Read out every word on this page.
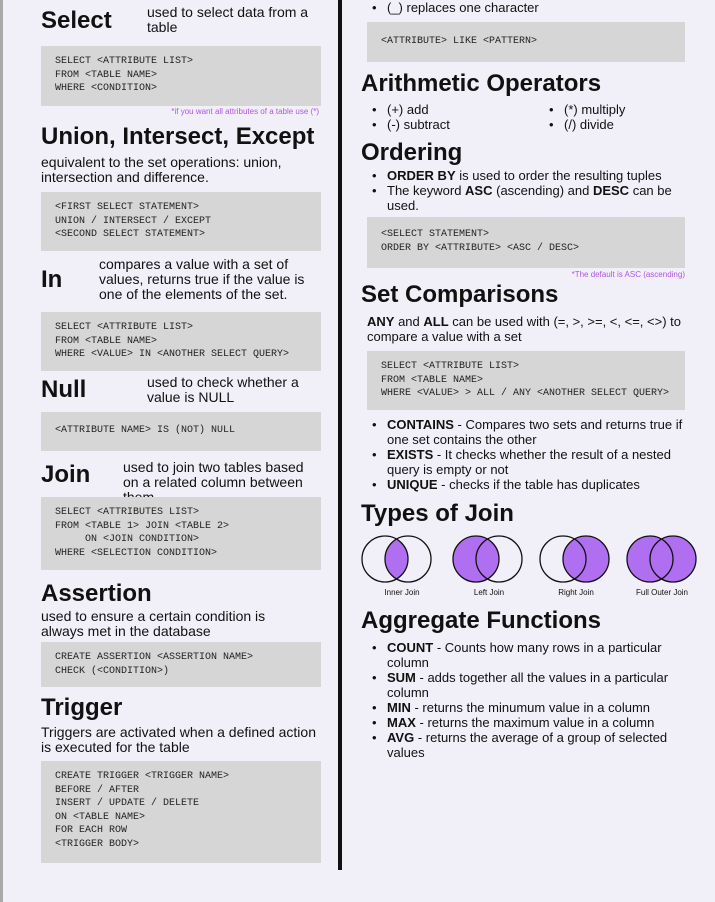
Select	used to select data from a table

SELECT <ATTRIBUTE LIST>
FROM <TABLE NAME>
WHERE <CONDITION>
*if you want all attributes of a table use (*)
Union, Intersect, Except

equivalent to the set operations: union, intersection and difference.

<FIRST SELECT STATEMENT>
UNION / INTERSECT / EXCEPT
<SECOND SELECT STATEMENT>
In

compares a value with a set of values, returns true if the value is one of the elements of the set.

SELECT <ATTRIBUTE LIST>
FROM <TABLE NAME>
WHERE <VALUE> IN <ANOTHER SELECT QUERY>
Null	used to check whether a value is NULL

<ATTRIBUTE NAME> IS (NOT) NULL
Join used to join two tables based on a related column between

SELECT <ATTRIBUTES LIST>
FROM <TABLE 1> JOIN <TABLE 2>
ON <JOIN CONDITION>
WHERE <SELECTION CONDITION>
Assertion

used to ensure a certain condition is always met in the database

CREATE ASSERTION <ASSERTION NAME>
CHECK (<CONDITION>)
Trigger

Triggers are activated when a defined action is executed for the table

CREATE TRIGGER <TRIGGER NAME>
BEFORE / AFTER
INSERT / UPDATE / DELETE
ON <TABLE NAME>
FOR EACH ROW
<TRIGGER BODY>
• (_) replaces one character
<ATTRIBUTE> LIKE <PATTERN>
Arithmetic Operators
• (+) add
• (-) subtract
• (*) multiply
• (/) divide
Ordering
• ORDER BY is used to order the resulting tuples
• The keyword ASC (ascending) and DESC can be used.
<SELECT STATEMENT>
ORDER BY <ATTRIBUTE> <ASC / DESC>
*The default is ASC (ascending)
Set Comparisons

ANY and ALL can be used with (=, >, >=, <, <=, <>) to compare a value with a set

SELECT <ATTRIBUTE LIST>
FROM <TABLE NAME>
WHERE <VALUE> > ALL / ANY <ANOTHER SELECT QUERY>
• CONTAINS - Compares two sets and returns true if one set contains the other
• EXISTS - It checks whether the result of a nested query is empty or not
• UNIQUE - checks if the table has duplicates
Types of Join
Inner Join	Left Join	Right Join	Full Outer Join
Aggregate Functions
• COUNT - Counts how many rows in a particular column
• SUM - adds together all the values in a particular column
• MIN - returns the minumum value in a column
• MAX - returns the maximum value in a column
• AVG - returns the average of a group of selected values
